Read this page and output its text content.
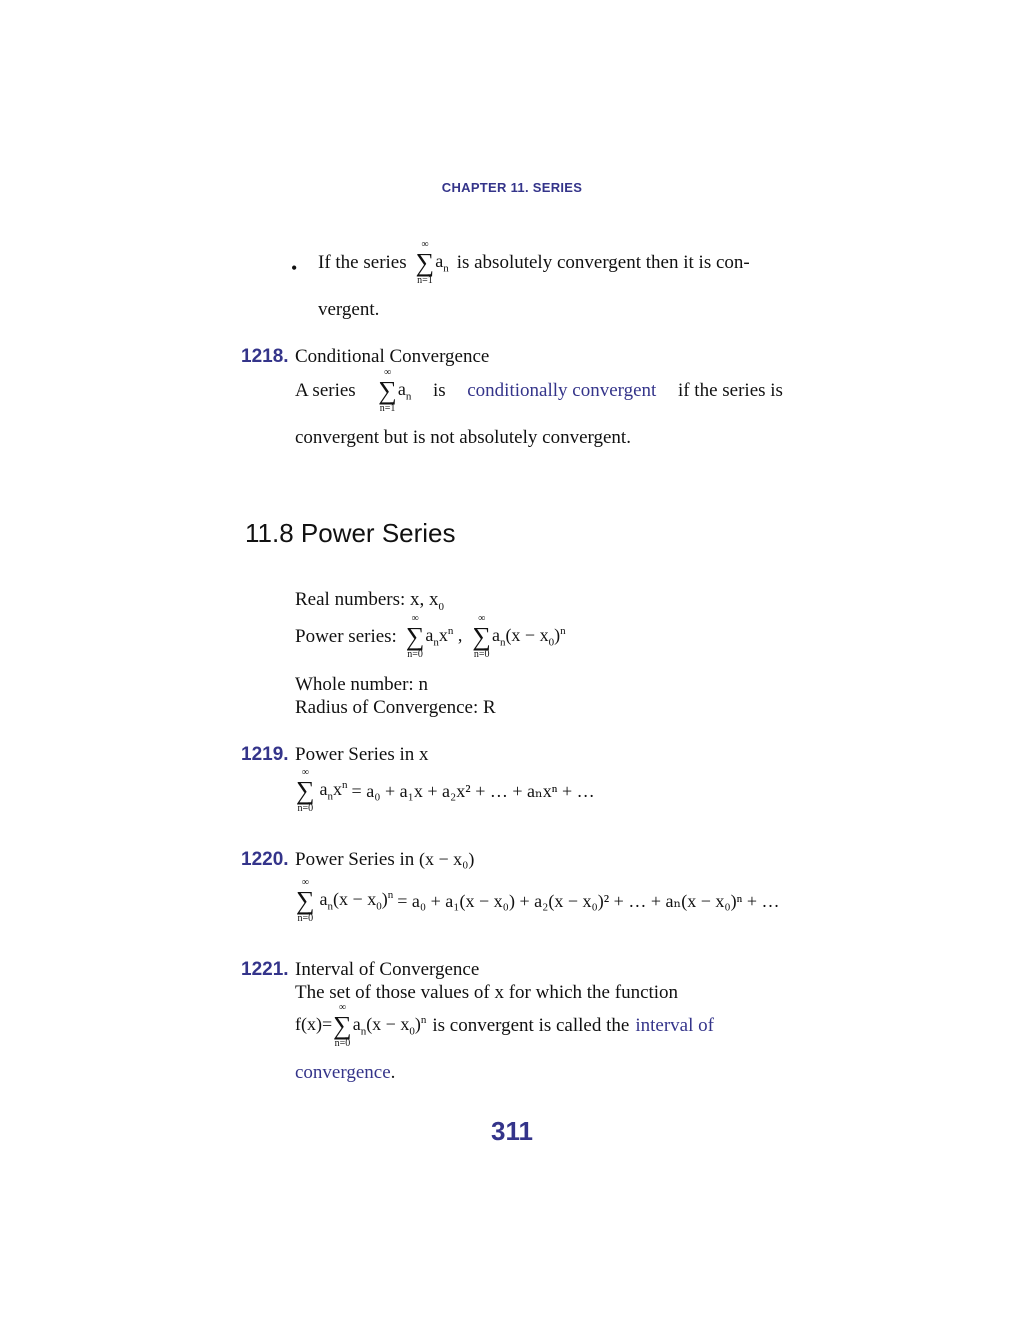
CHAPTER 11. SERIES
• If the series
∞
∑
n=1
$a_n$ is absolutely convergent then it is con-
vergent.
1218. Conditional Convergence
A series
∞
∑
n=1
$a_n$ is conditionally convergent if the series is
convergent but is not absolutely convergent.
11.8 Power Series
Real numbers: x, $x_0$
Power series:
∞
∑
n=0
$a_nx^n$ ,
∞
∑
n=0
$a_n(x - x_0)^n$
Whole number: n
Radius of Convergence: R
1219. Power Series in x
∞
∑
n=0
$a_nx^n = a_0 + a_1x + a_2x^2$ + … + aₙxⁿ + …
1220. Power Series in (x − x₀)
∞
∑
n=0
$a_n(x - x_0)^n = a_0 + a_1(x - x_0) + a_2(x - x_0)^2$ + … + aₙ(x − x₀)ⁿ + …
1221. Interval of Convergence
The set of those values of x for which the function
f(x)=
∞
∑
n=0
$a_n(x - x_0)^n$ is convergent is called the interval of
convergence.
311
